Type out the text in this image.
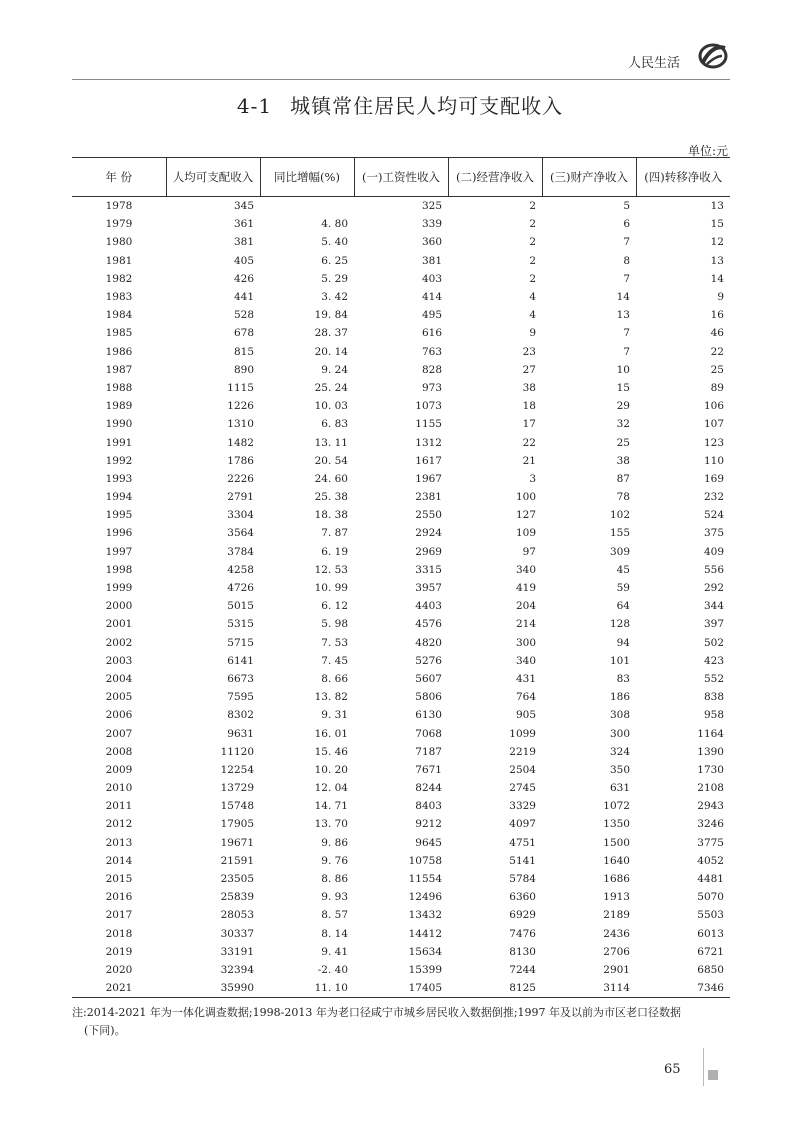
人民生活
4-1 城镇常住居民人均可支配收入
单位:元
年 份	人均可支配收入	同比增幅(%)	(一)工资性收入	(二)经营净收入	(三)财产净收入	(四)转移净收入
1978	345		325	2	5	13
1979	361	4. 80	339	2	6	15
1980	381	5. 40	360	2	7	12
1981	405	6. 25	381	2	8	13
1982	426	5. 29	403	2	7	14
1983	441	3. 42	414	4	14	9
1984	528	19. 84	495	4	13	16
1985	678	28. 37	616	9	7	46
1986	815	20. 14	763	23	7	22
1987	890	9. 24	828	27	10	25
1988	1115	25. 24	973	38	15	89
1989	1226	10. 03	1073	18	29	106
1990	1310	6. 83	1155	17	32	107
1991	1482	13. 11	1312	22	25	123
1992	1786	20. 54	1617	21	38	110
1993	2226	24. 60	1967	3	87	169
1994	2791	25. 38	2381	100	78	232
1995	3304	18. 38	2550	127	102	524
1996	3564	7. 87	2924	109	155	375
1997	3784	6. 19	2969	97	309	409
1998	4258	12. 53	3315	340	45	556
1999	4726	10. 99	3957	419	59	292
2000	5015	6. 12	4403	204	64	344
2001	5315	5. 98	4576	214	128	397
2002	5715	7. 53	4820	300	94	502
2003	6141	7. 45	5276	340	101	423
2004	6673	8. 66	5607	431	83	552
2005	7595	13. 82	5806	764	186	838
2006	8302	9. 31	6130	905	308	958
2007	9631	16. 01	7068	1099	300	1164
2008	11120	15. 46	7187	2219	324	1390
2009	12254	10. 20	7671	2504	350	1730
2010	13729	12. 04	8244	2745	631	2108
2011	15748	14. 71	8403	3329	1072	2943
2012	17905	13. 70	9212	4097	1350	3246
2013	19671	9. 86	9645	4751	1500	3775
2014	21591	9. 76	10758	5141	1640	4052
2015	23505	8. 86	11554	5784	1686	4481
2016	25839	9. 93	12496	6360	1913	5070
2017	28053	8. 57	13432	6929	2189	5503
2018	30337	8. 14	14412	7476	2436	6013
2019	33191	9. 41	15634	8130	2706	6721
2020	32394	-2. 40	15399	7244	2901	6850
2021	35990	11. 10	17405	8125	3114	7346
注:2014-2021 年为一体化调查数据;1998-2013 年为老口径咸宁市城乡居民收入数据倒推;1997 年及以前为市区老口径数据
(下同)。
65
